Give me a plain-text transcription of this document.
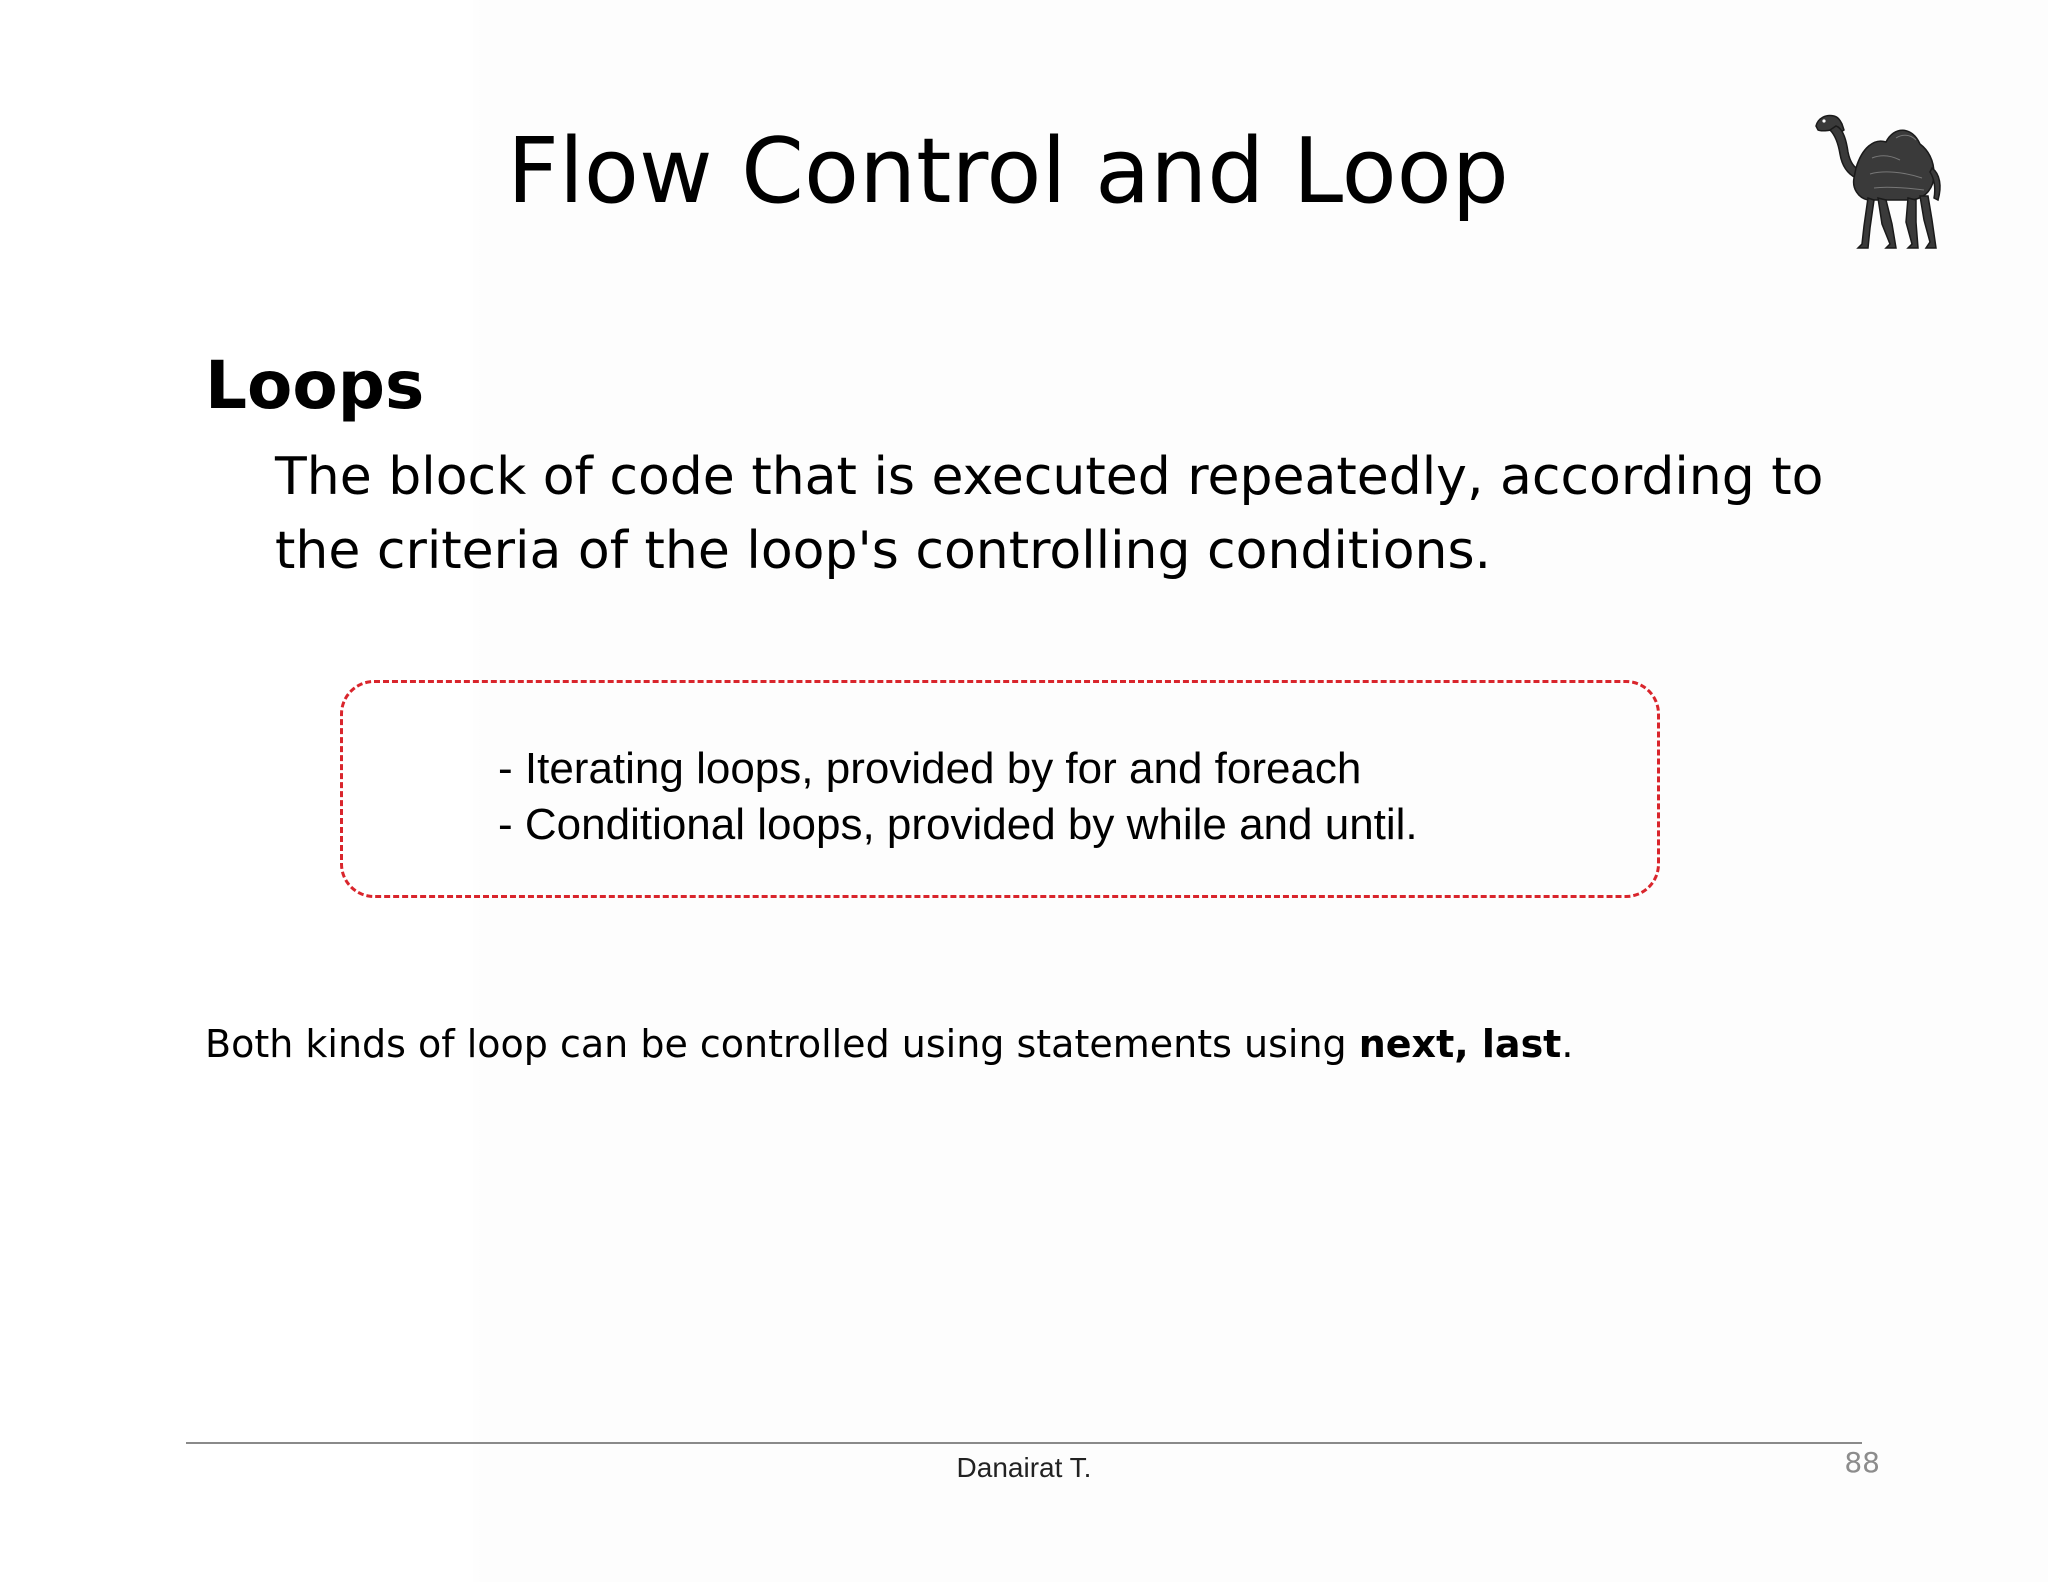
Flow Control and Loop
Loops
The block of code that is executed repeatedly, according to the criteria of the loop's controlling conditions.
- Iterating loops, provided by for and foreach
- Conditional loops, provided by while and until.
Both kinds of loop can be controlled using statements using next, last.
Danairat T.	88
